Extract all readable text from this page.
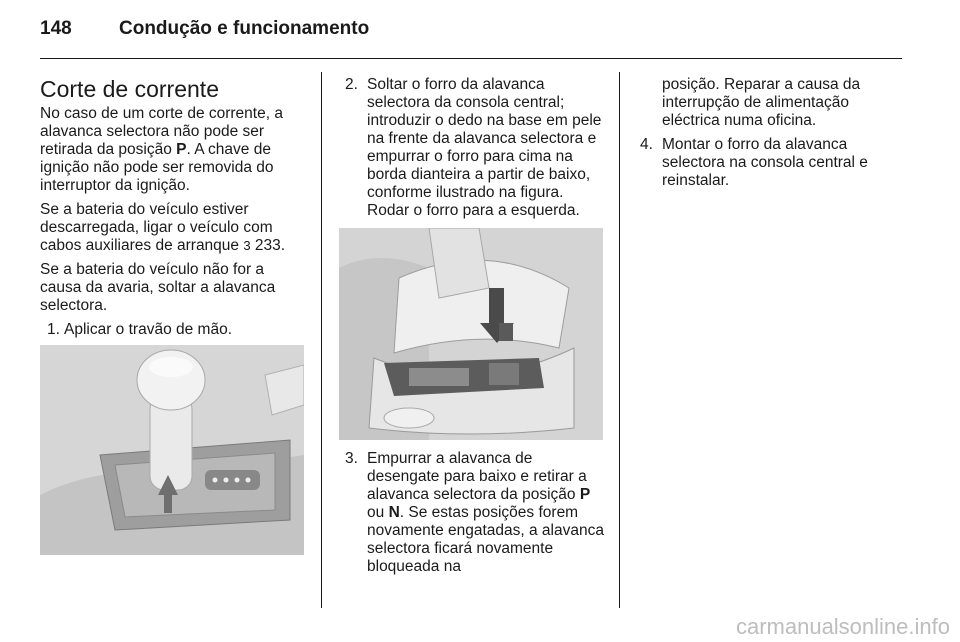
148 Condução e funcionamento
Corte de corrente

No caso de um corte de corrente, a alavanca selectora não pode ser retirada da posição P. A chave de ignição não pode ser removida do interruptor da ignição.

Se a bateria do veículo estiver descarregada, ligar o veículo com cabos auxiliares de arranque 3 233.

Se a bateria do veículo não for a causa da avaria, soltar a alavanca selectora.

1. Aplicar o travão de mão.
2. Soltar o forro da alavanca selectora da consola central; introduzir o dedo na base em pele na frente da alavanca selectora e empurrar o forro para cima na borda dianteira a partir de baixo, conforme ilustrado na figura. Rodar o forro para a esquerda.
3. Empurrar a alavanca de desengate para baixo e retirar a alavanca selectora da posição P ou N. Se estas posições forem novamente engatadas, a alavanca selectora ficará novamente bloqueada na
posição. Reparar a causa da interrupção de alimentação eléctrica numa oficina.
4. Montar o forro da alavanca selectora na consola central e reinstalar.
carmanualsonline.info
